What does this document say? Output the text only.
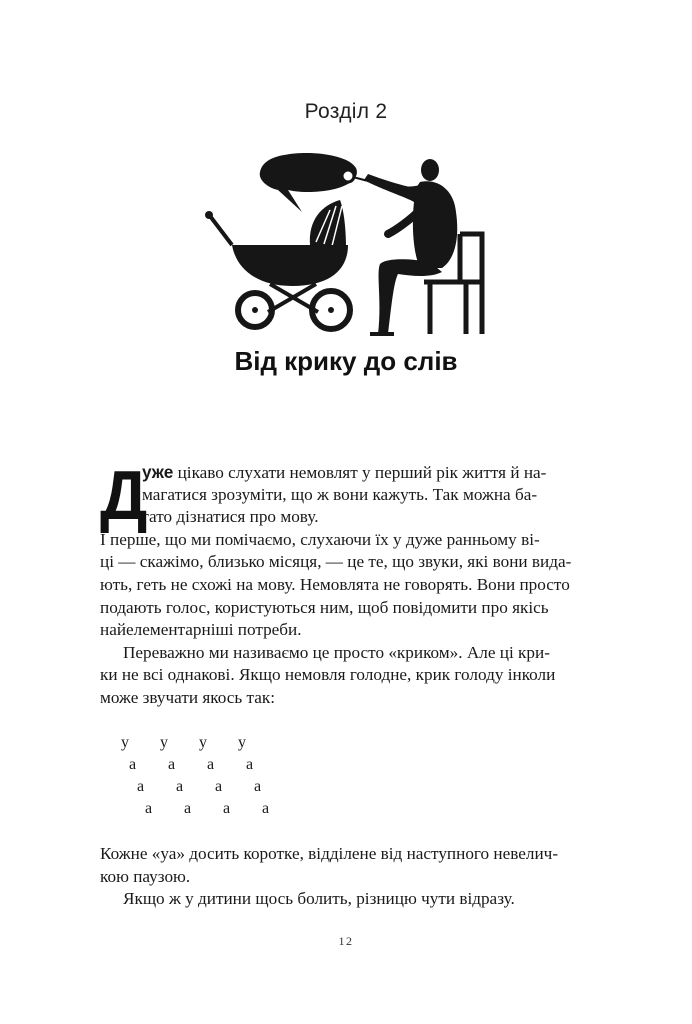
Розділ 2
Від крику до слів
Д
уже цікаво слухати немовлят у перший рік життя й на-
магатися зрозуміти, що ж вони кажуть. Так можна ба-
гато дізнатися про мову.
І перше, що ми помічаємо, слухаючи їх у дуже ранньому ві-
ці — скажімо, близько місяця, — це те, що звуки, які вони вида-
ють, геть не схожі на мову. Немовлята не говорять. Вони просто
подають голос, користуються ним, щоб повідомити про якісь
найелементарніші потреби.
Переважно ми називаємо це просто «криком». Але ці кри-
ки не всі однакові. Якщо немовля голодне, крик голоду інколи
може звучати якось так:
у у у у
а а а а
а а а а
а а а а
Кожне «уа» досить коротке, відділене від наступного невелич-
кою паузою.
Якщо ж у дитини щось болить, різницю чути відразу.
12
